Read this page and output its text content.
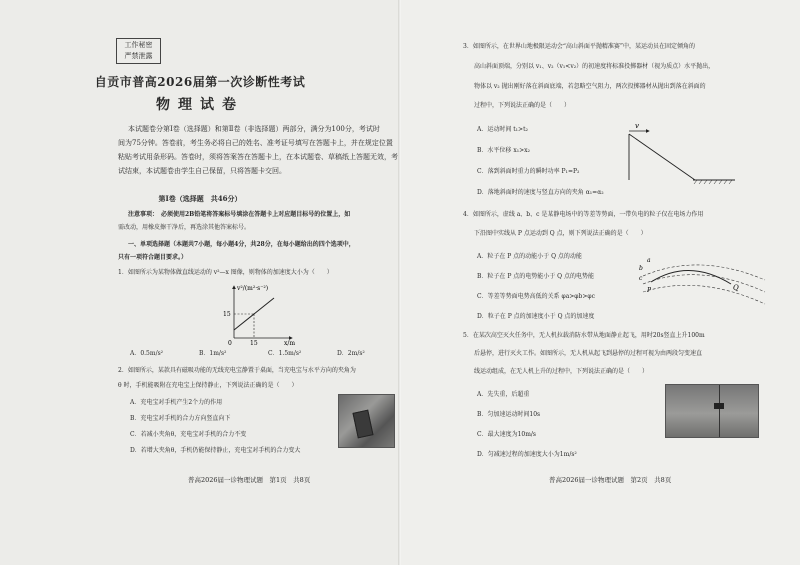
工作秘密
严禁泄露
自贡市普高2026届第一次诊断性考试
物理试卷
本试题卷分第Ⅰ卷（选择题）和第Ⅱ卷（非选择题）两部分，满分为100分，考试时
间为75分钟。答卷前，考生务必将自己的姓名、准考证号填写在答题卡上，并在规定位置
粘贴考试用条形码。答卷时，须将答案答在答题卡上，在本试题卷、草稿纸上答题无效，考
试结束，本试题卷由学生自己保留，只将答题卡交回。
第Ⅰ卷（选择题　共46分）
注意事项：　必须使用2B铅笔将答案标号填涂在答题卡上对应题目标号的位置上，如
需改动，用橡皮擦干净后，再选涂其他答案标号。
一、单项选择题（本题共7小题，每小题4分，共28分，在每小题给出的四个选项中，
只有一项符合题目要求。）
1．如图所示为某物体做直线运动的 v²—x 图像，则物体的加速度大小为（　　）
v²/(m²·s⁻²)
15
15
0	x/m
A．0.5m/s²	B．1m/s²	C．1.5m/s²	D．2m/s²
2．如图所示，某款具有磁吸功能的无线充电宝静置于桌面，当充电宝与水平方向的夹角为
θ 时，手机能吸附在充电宝上保持静止，下列说法正确的是（　　）
A．充电宝对手机产生2个力的作用
B．充电宝对手机的合力方向竖直向下
C．若减小夹角θ，充电宝对手机的合力不变
D．若增大夹角θ，手机仍能保持静止，充电宝对手机的合力变大
普高2026届一诊物理试题　第1页　共8页
3．如图所示，在世界山地极限运动会“高山斜面平抛精准赛”中，某运动员在固定倾角的
高山斜面顶端，分别以 v₁、v₂（v₁<v₂）的初速度将标准投掷器材（视为质点）水平抛出，
物体以 v₂ 抛出刚好落在斜面底端，若忽略空气阻力，两次投掷器材从抛出到落在斜面的
过程中，下列说法正确的是（　　）
A．运动时间 t₁>t₂
B．水平位移 x₁>x₂
C．落到斜面时重力的瞬时功率 P₁=P₂
D．落地斜面时的速度与竖直方向的夹角 α₁=α₂
v
4．如图所示，虚线 a、b、c 是某静电场中的等差等势面，一带负电的粒子仅在电场力作用
下沿图中实线从 P 点运动到 Q 点，则下列说法正确的是（　　）
A．粒子在 P 点的动能小于 Q 点的动能
B．粒子在 P 点的电势能小于 Q 点的电势能
C．等差等势面电势高低的关系 φa>φb>φc
D．粒子在 P 点的加速度小于 Q 点的加速度
a
b
c
P	Q
5．在某次高空灭火任务中，无人机拉载消防水带从地面静止起飞，用时20s竖直上升100m
后悬停，进行灭火工作。如图所示，无人机从起飞到悬停的过程可视为由两段匀变速直
线运动组成，在无人机上升的过程中，下列说法正确的是（　　）
A．先失重，后超重
B．匀加速运动时间10s
C．最大速度为10m/s
D．匀减速过程的加速度大小为1m/s²
普高2026届一诊物理试题　第2页　共8页
